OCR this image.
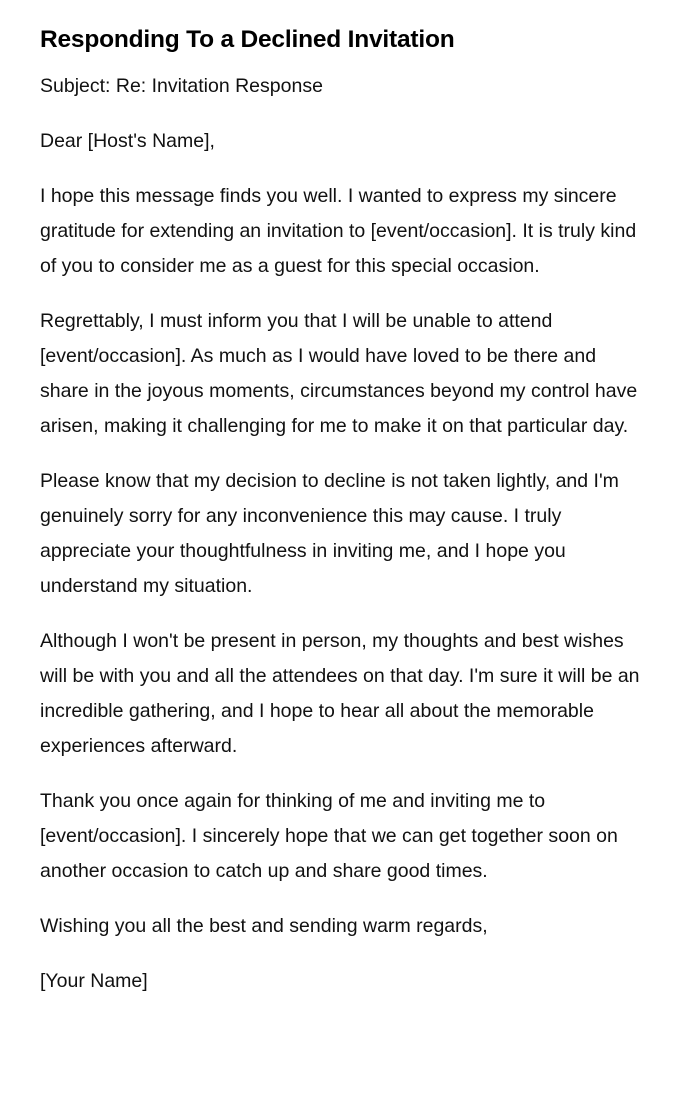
Responding To a Declined Invitation

Subject: Re: Invitation Response

Dear [Host's Name],

I hope this message finds you well. I wanted to express my sincere gratitude for extending an invitation to [event/occasion]. It is truly kind of you to consider me as a guest for this special occasion.

Regrettably, I must inform you that I will be unable to attend [event/occasion]. As much as I would have loved to be there and share in the joyous moments, circumstances beyond my control have arisen, making it challenging for me to make it on that particular day.

Please know that my decision to decline is not taken lightly, and I'm genuinely sorry for any inconvenience this may cause. I truly appreciate your thoughtfulness in inviting me, and I hope you understand my situation.

Although I won't be present in person, my thoughts and best wishes will be with you and all the attendees on that day. I'm sure it will be an incredible gathering, and I hope to hear all about the memorable experiences afterward.

Thank you once again for thinking of me and inviting me to [event/occasion]. I sincerely hope that we can get together soon on another occasion to catch up and share good times.

Wishing you all the best and sending warm regards,

[Your Name]
